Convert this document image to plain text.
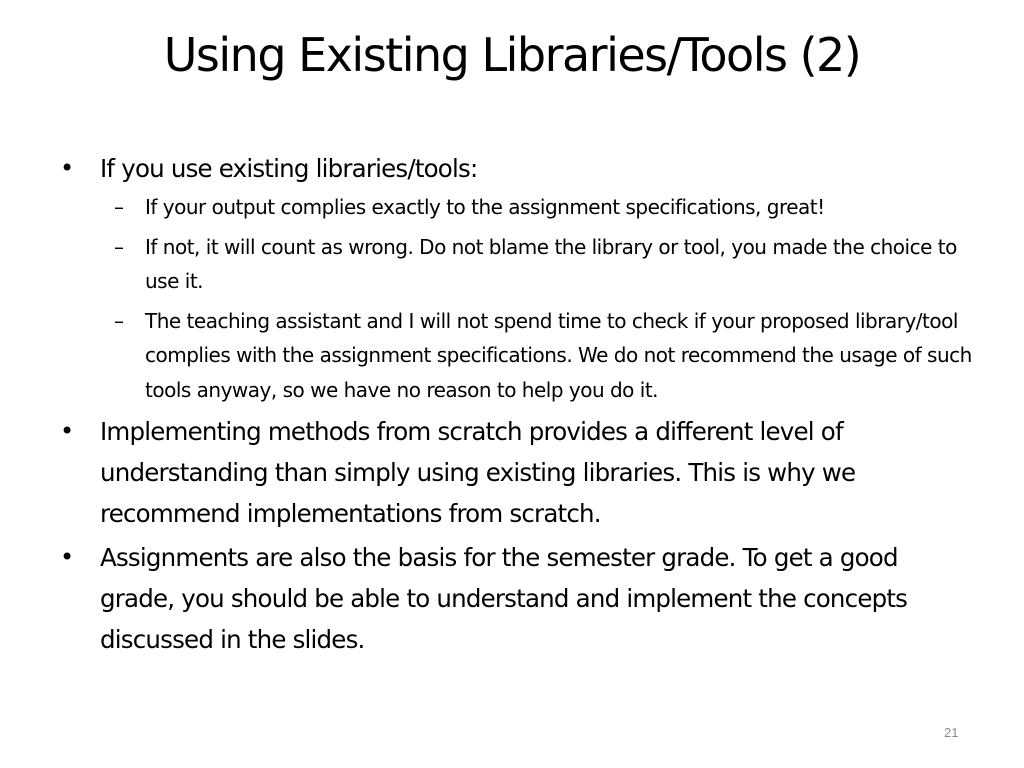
Using Existing Libraries/Tools (2)
• If you use existing libraries/tools:
– If your output complies exactly to the assignment specifications, great!
– If not, it will count as wrong. Do not blame the library or tool, you made the choice to use it.
– The teaching assistant and I will not spend time to check if your proposed library/tool complies with the assignment specifications. We do not recommend the usage of such tools anyway, so we have no reason to help you do it.
• Implementing methods from scratch provides a different level of understanding than simply using existing libraries. This is why we recommend implementations from scratch.
• Assignments are also the basis for the semester grade. To get a good grade, you should be able to understand and implement the concepts discussed in the slides.
21
